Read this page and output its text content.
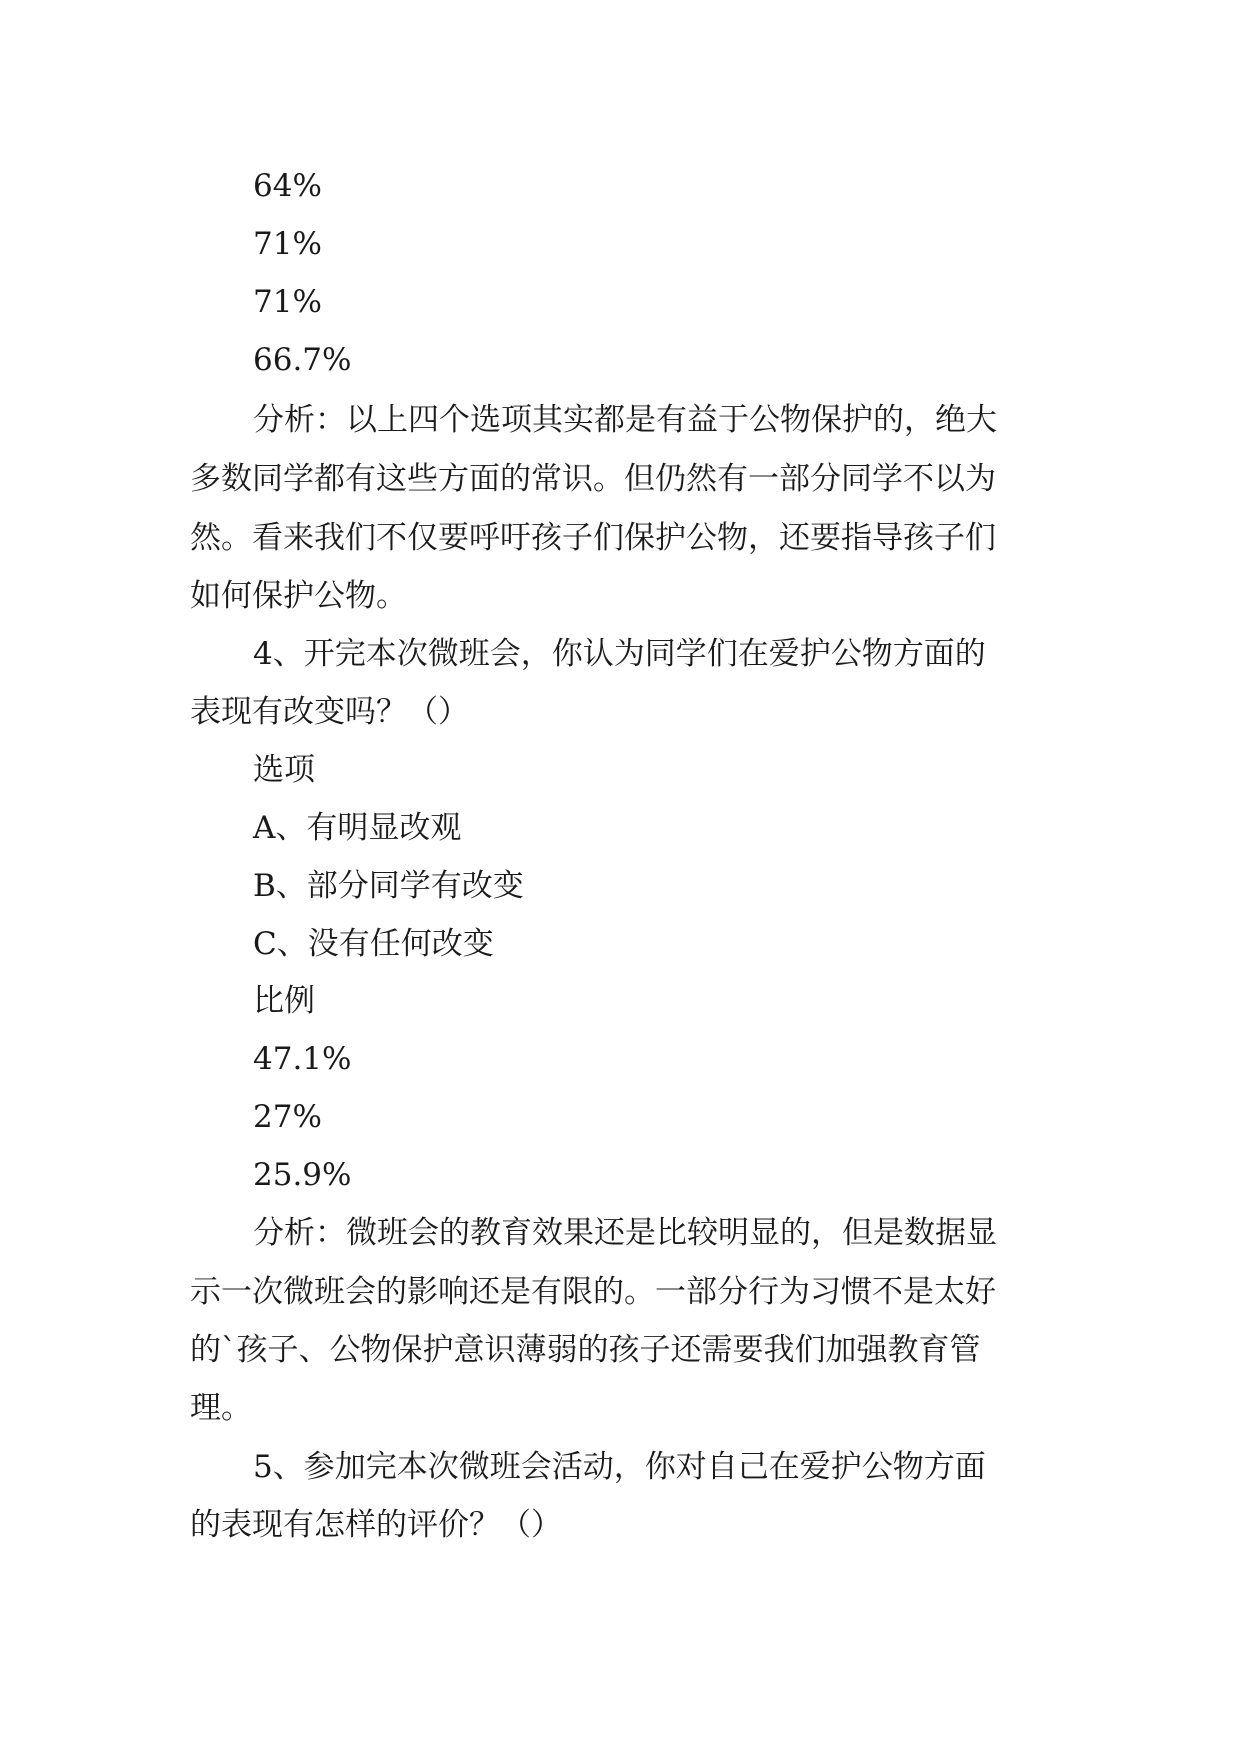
64%
71%
71%
66.7%
分析：以上四个选项其实都是有益于公物保护的，绝大
多数同学都有这些方面的常识。但仍然有一部分同学不以为
然。看来我们不仅要呼吁孩子们保护公物，还要指导孩子们
如何保护公物。
4、开完本次微班会，你认为同学们在爱护公物方面的
表现有改变吗？（）
选项
A、有明显改观
B、部分同学有改变
C、没有任何改变
比例
47.1%
27%
25.9%
分析：微班会的教育效果还是比较明显的，但是数据显
示一次微班会的影响还是有限的。一部分行为习惯不是太好
的`孩子、公物保护意识薄弱的孩子还需要我们加强教育管
理。
5、参加完本次微班会活动，你对自己在爱护公物方面
的表现有怎样的评价？（）
